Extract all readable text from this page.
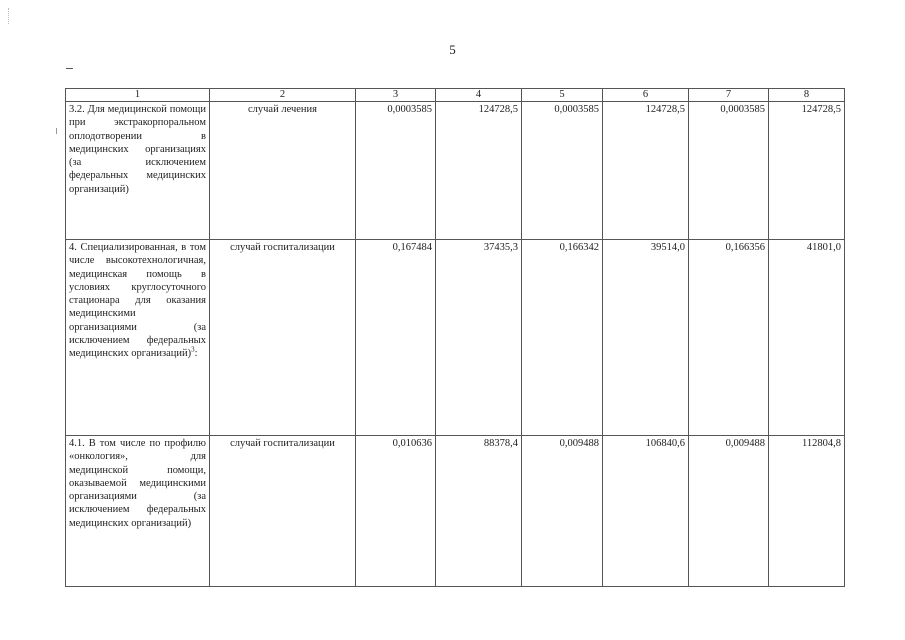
5
1	2	3	4	5	6	7	8
3.2. Для медицинской помощи при экстракорпоральном оплодотворении в медицинских организациях (за исключением федеральных медицинских организаций)	случай лечения	0,0003585	124728,5	0,0003585	124728,5	0,0003585	124728,5
4. Специализированная, в том числе высокотехнологичная, медицинская помощь в условиях круглосуточного стационара для оказания медицинскими организациями (за исключением федеральных медицинских организаций)$^3$:	случай госпитализации	0,167484	37435,3	0,166342	39514,0	0,166356	41801,0
4.1. В том числе по профилю «онкология», для медицинской помощи, оказываемой медицинскими организациями (за исключением федеральных медицинских организаций)	случай госпитализации	0,010636	88378,4	0,009488	106840,6	0,009488	112804,8
